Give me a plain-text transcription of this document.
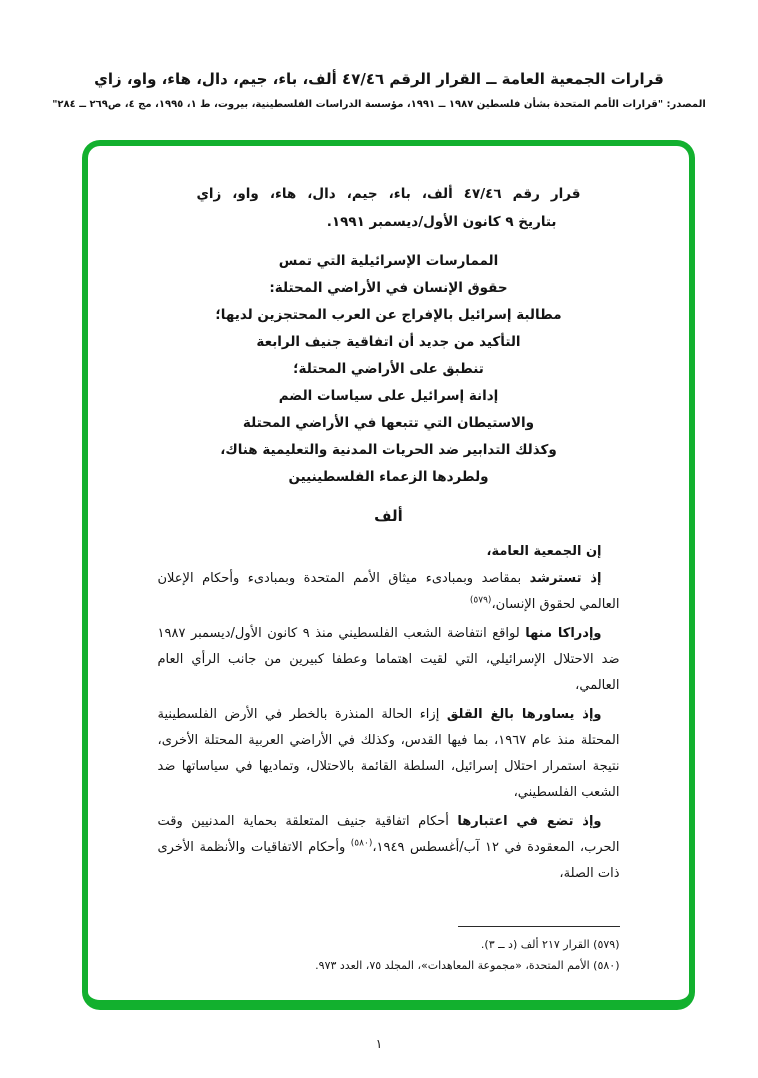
قرارات الجمعية العامة ــ القرار الرقم ٤٧/٤٦ ألف، باء، جيم، دال، هاء، واو، زاي
المصدر: "قرارات الأمم المتحدة بشأن فلسطين ١٩٨٧ ــ ١٩٩١، مؤسسة الدراسات الفلسطينية، بيروت، ط ١، ١٩٩٥، مج ٤، ص٢٦٩ ــ ٢٨٤"
قرار رقم ٤٧/٤٦ ألف، باء، جيم، دال، هاء، واو، زاي
بتاريخ ٩ كانون الأول/ديسمبر ١٩٩١.
الممارسات الإسرائيلية التي تمس
حقوق الإنسان في الأراضي المحتلة:
مطالبة إسرائيل بالإفراج عن العرب المحتجزين لديها؛
التأكيد من جديد أن اتفاقية جنيف الرابعة
تنطبق على الأراضي المحتلة؛
إدانة إسرائيل على سياسات الضم
والاستيطان التي تتبعها في الأراضي المحتلة
وكذلك التدابير ضد الحريات المدنية والتعليمية هناك،
ولطردها الزعماء الفلسطينيين
ألف

إن الجمعية العامة،

إذ تسترشد بمقاصد وبمبادىء ميثاق الأمم المتحدة وبمبادىء وأحكام الإعلان العالمي لحقوق الإنسان،$^{(٥٧٩)}$

وإدراكا منها لواقع انتفاضة الشعب الفلسطيني منذ ٩ كانون الأول/ديسمبر ١٩٨٧ ضد الاحتلال الإسرائيلي، التي لقيت اهتماما وعطفا كبيرين من جانب الرأي العام العالمي،

وإذ يساورها بالغ القلق إزاء الحالة المنذرة بالخطر في الأرض الفلسطينية المحتلة منذ عام ١٩٦٧، بما فيها القدس، وكذلك في الأراضي العربية المحتلة الأخرى، نتيجة استمرار احتلال إسرائيل، السلطة القائمة بالاحتلال، وتماديها في سياساتها ضد الشعب الفلسطيني،

وإذ تضع في اعتبارها أحكام اتفاقية جنيف المتعلقة بحماية المدنيين وقت الحرب، المعقودة في ١٢ آب/أغسطس ١٩٤٩،$^{(٥٨٠)}$ وأحكام الاتفاقيات والأنظمة الأخرى ذات الصلة،

(٥٧٩) القرار ٢١٧ ألف (د ــ ٣).
(٥٨٠) الأمم المتحدة، «مجموعة المعاهدات»، المجلد ٧٥، العدد ٩٧٣.
١
